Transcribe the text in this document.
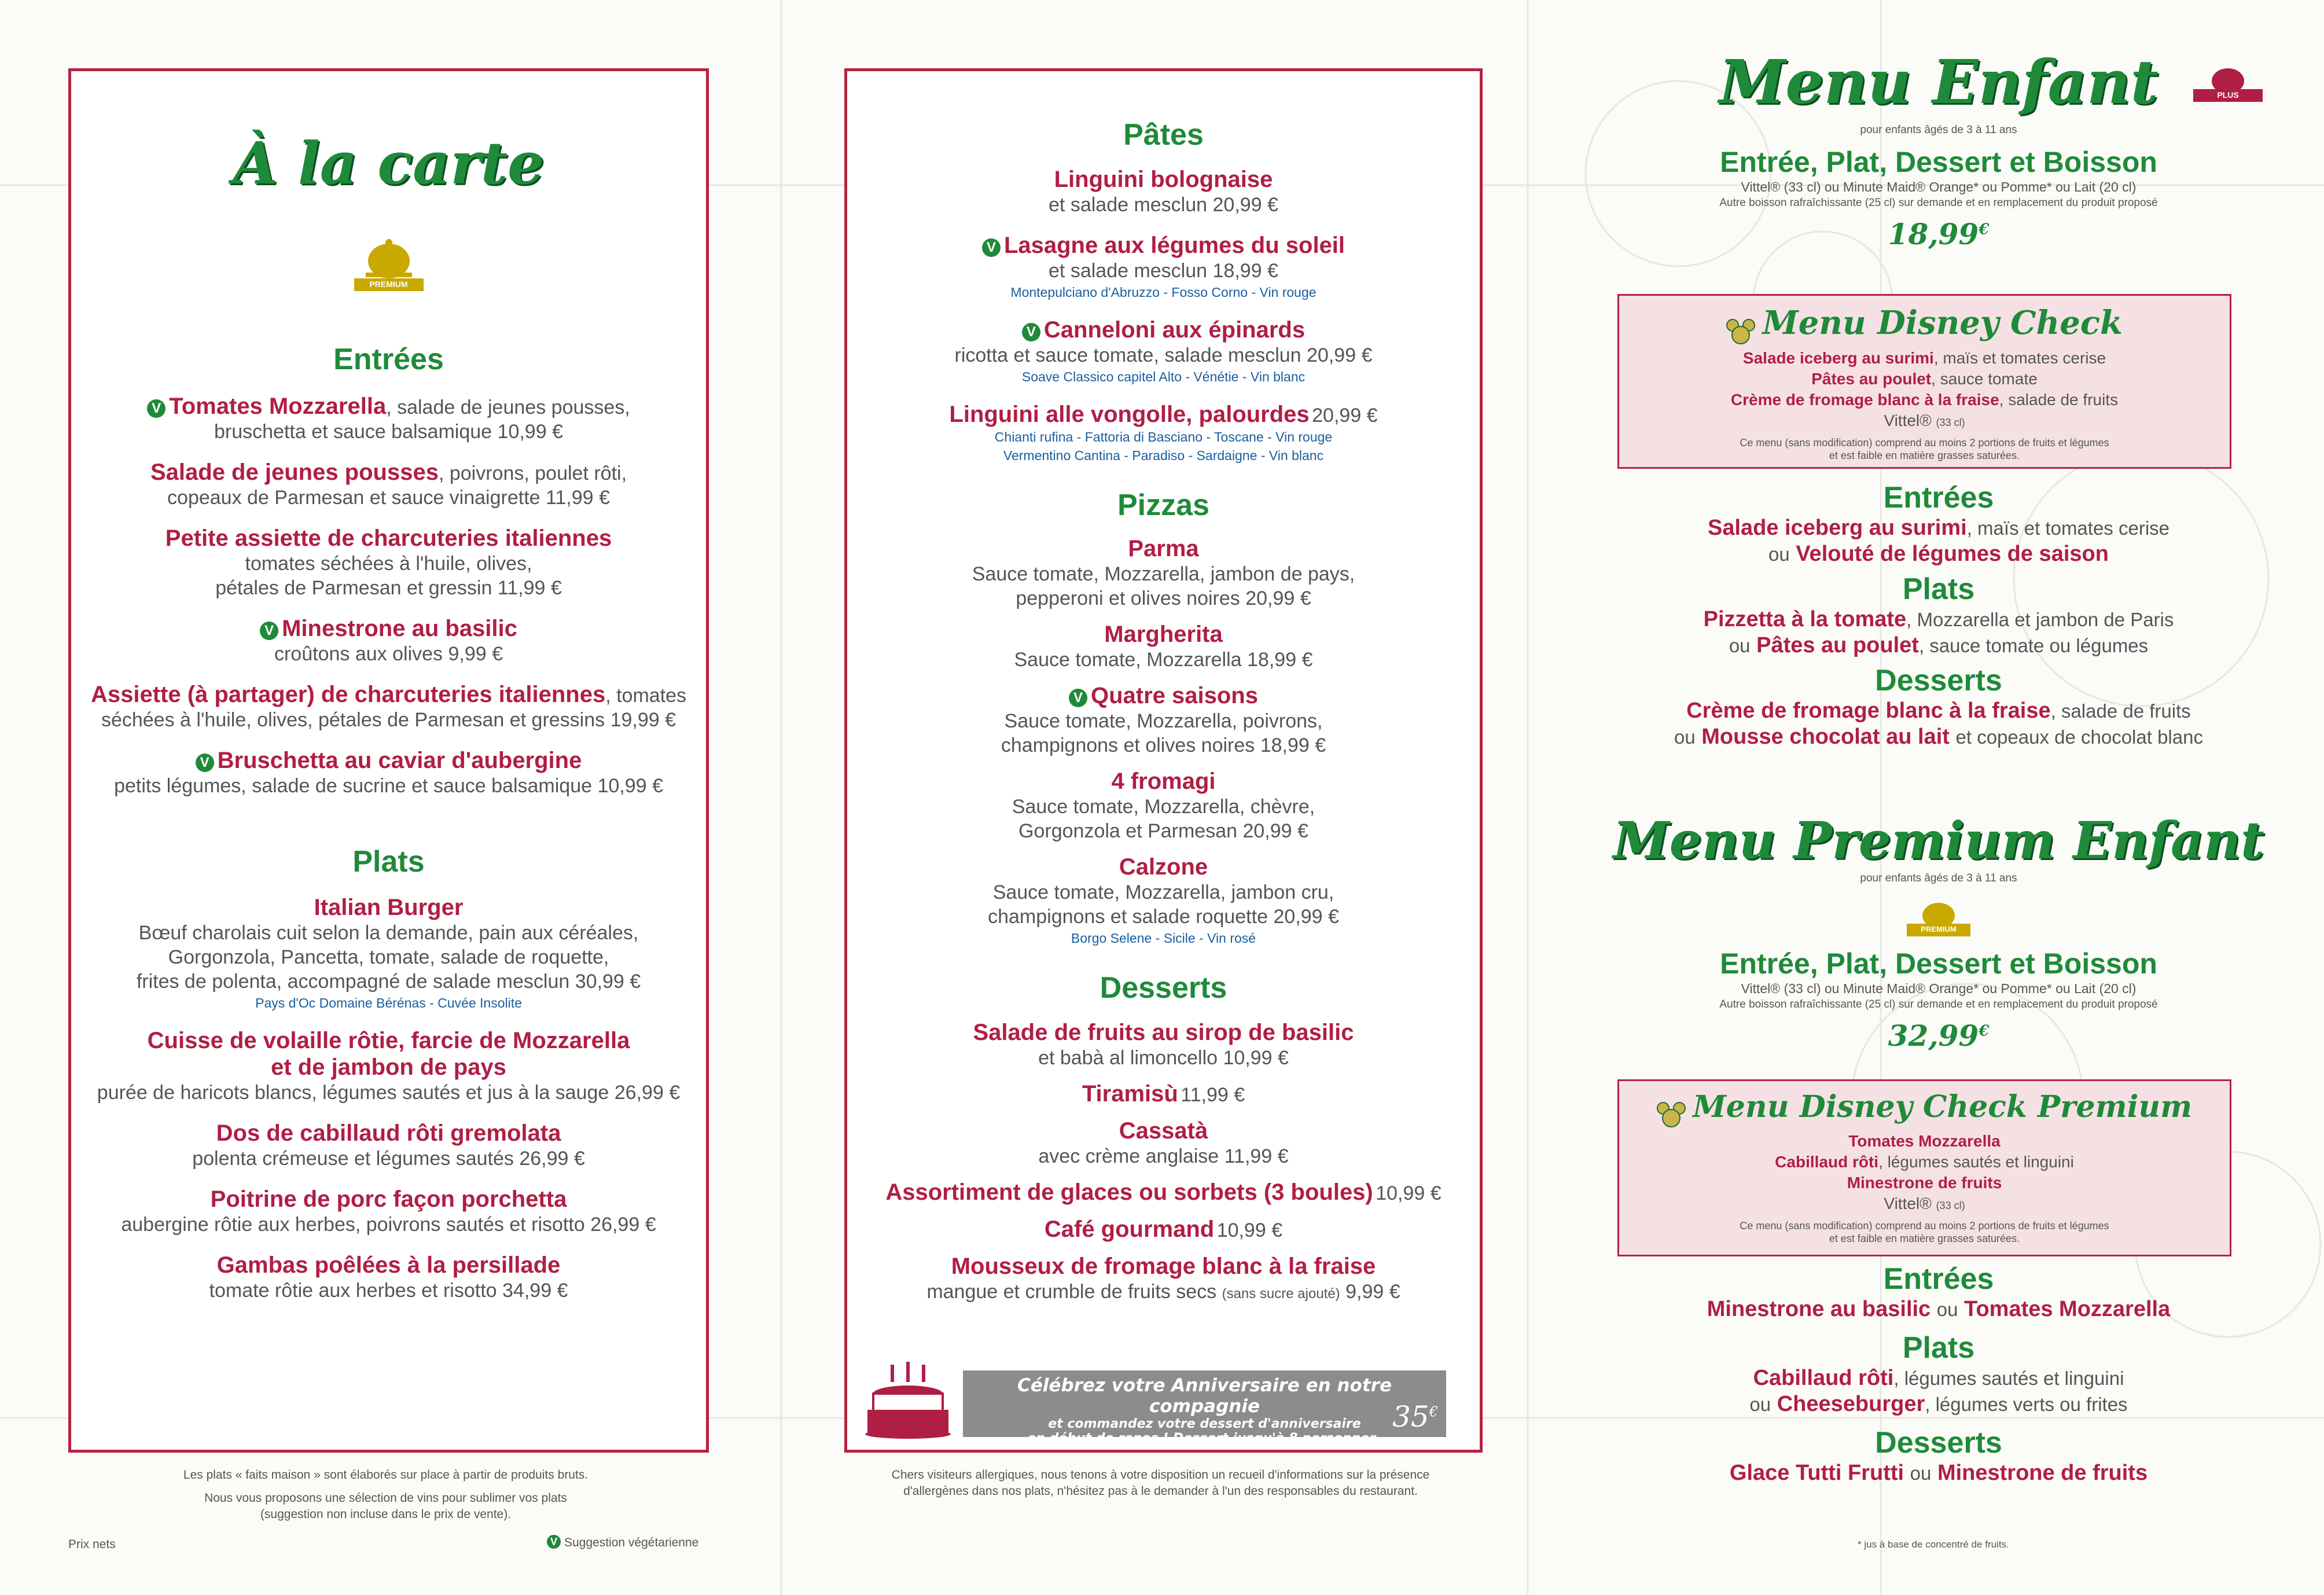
À la carte
PREMIUM
Entrées
V Tomates Mozzarella, salade de jeunes pousses,
bruschetta et sauce balsamique 10,99 €
Salade de jeunes pousses, poivrons, poulet rôti,
copeaux de Parmesan et sauce vinaigrette 11,99 €
Petite assiette de charcuteries italiennes
tomates séchées à l'huile, olives,
pétales de Parmesan et gressin 11,99 €
V Minestrone au basilic
croûtons aux olives 9,99 €
Assiette (à partager) de charcuteries italiennes, tomates
séchées à l'huile, olives, pétales de Parmesan et gressins 19,99 €
V Bruschetta au caviar d'aubergine
petits légumes, salade de sucrine et sauce balsamique 10,99 €
Plats
Italian Burger
Bœuf charolais cuit selon la demande, pain aux céréales,
Gorgonzola, Pancetta, tomate, salade de roquette,
frites de polenta, accompagné de salade mesclun 30,99 €
Pays d'Oc Domaine Bérénas - Cuvée Insolite
Cuisse de volaille rôtie, farcie de Mozzarella
et de jambon de pays
purée de haricots blancs, légumes sautés et jus à la sauge 26,99 €
Dos de cabillaud rôti gremolata
polenta crémeuse et légumes sautés 26,99 €
Poitrine de porc façon porchetta
aubergine rôtie aux herbes, poivrons sautés et risotto 26,99 €
Gambas poêlées à la persillade
tomate rôtie aux herbes et risotto 34,99 €
Les plats « faits maison » sont élaborés sur place à partir de produits bruts.
Nous vous proposons une sélection de vins pour sublimer vos plats
(suggestion non incluse dans le prix de vente).
Prix nets	V Suggestion végétarienne
Pâtes
Linguini bolognaise
et salade mesclun 20,99 €
V Lasagne aux légumes du soleil
et salade mesclun 18,99 €
Montepulciano d'Abruzzo - Fosso Corno - Vin rouge
V Canneloni aux épinards
ricotta et sauce tomate, salade mesclun 20,99 €
Soave Classico capitel Alto - Vénétie - Vin blanc
Linguini alle vongolle, palourdes 20,99 €
Chianti rufina - Fattoria di Basciano - Toscane - Vin rouge
Vermentino Cantina - Paradiso - Sardaigne - Vin blanc
Pizzas
Parma
Sauce tomate, Mozzarella, jambon de pays,
pepperoni et olives noires 20,99 €
Margherita
Sauce tomate, Mozzarella 18,99 €
V Quatre saisons
Sauce tomate, Mozzarella, poivrons,
champignons et olives noires 18,99 €
4 fromagi
Sauce tomate, Mozzarella, chèvre,
Gorgonzola et Parmesan 20,99 €
Calzone
Sauce tomate, Mozzarella, jambon cru,
champignons et salade roquette 20,99 €
Borgo Selene - Sicile - Vin rosé
Desserts
Salade de fruits au sirop de basilic
et babà al limoncello 10,99 €
Tiramisù 11,99 €
Cassatà
avec crème anglaise 11,99 €
Assortiment de glaces ou sorbets (3 boules) 10,99 €
Café gourmand 10,99 €
Mousseux de fromage blanc à la fraise
mangue et crumble de fruits secs (sans sucre ajouté) 9,99 €
Célébrez votre Anniversaire en notre compagnie
et commandez votre dessert d'anniversaire
en début de repas ! Dessert jusqu'à 8 personnes.
35€
Chers visiteurs allergiques, nous tenons à votre disposition un recueil d'informations sur la présence
d'allergènes dans nos plats, n'hésitez pas à le demander à l'un des responsables du restaurant.
Menu Enfant	PLUS
pour enfants âgés de 3 à 11 ans
Entrée, Plat, Dessert et Boisson
Vittel® (33 cl) ou Minute Maid® Orange* ou Pomme* ou Lait (20 cl)
Autre boisson rafraîchissante (25 cl) sur demande et en remplacement du produit proposé
18,99€
Menu Disney Check
Salade iceberg au surimi, maïs et tomates cerise
Pâtes au poulet, sauce tomate
Crème de fromage blanc à la fraise, salade de fruits
Vittel® (33 cl)
Ce menu (sans modification) comprend au moins 2 portions de fruits et légumes
et est faible en matière grasses saturées.
Entrées
Salade iceberg au surimi, maïs et tomates cerise
ou Velouté de légumes de saison
Plats
Pizzetta à la tomate, Mozzarella et jambon de Paris
ou Pâtes au poulet, sauce tomate ou légumes
Desserts
Crème de fromage blanc à la fraise, salade de fruits
ou Mousse chocolat au lait et copeaux de chocolat blanc
Menu Premium Enfant
pour enfants âgés de 3 à 11 ans
PREMIUM
Entrée, Plat, Dessert et Boisson
Vittel® (33 cl) ou Minute Maid® Orange* ou Pomme* ou Lait (20 cl)
Autre boisson rafraîchissante (25 cl) sur demande et en remplacement du produit proposé
32,99€
Menu Disney Check Premium
Tomates Mozzarella
Cabillaud rôti, légumes sautés et linguini
Minestrone de fruits
Vittel® (33 cl)
Ce menu (sans modification) comprend au moins 2 portions de fruits et légumes
et est faible en matière grasses saturées.
Entrées
Minestrone au basilic ou Tomates Mozzarella
Plats
Cabillaud rôti, légumes sautés et linguini
ou Cheeseburger, légumes verts ou frites
Desserts
Glace Tutti Frutti ou Minestrone de fruits
* jus à base de concentré de fruits.
